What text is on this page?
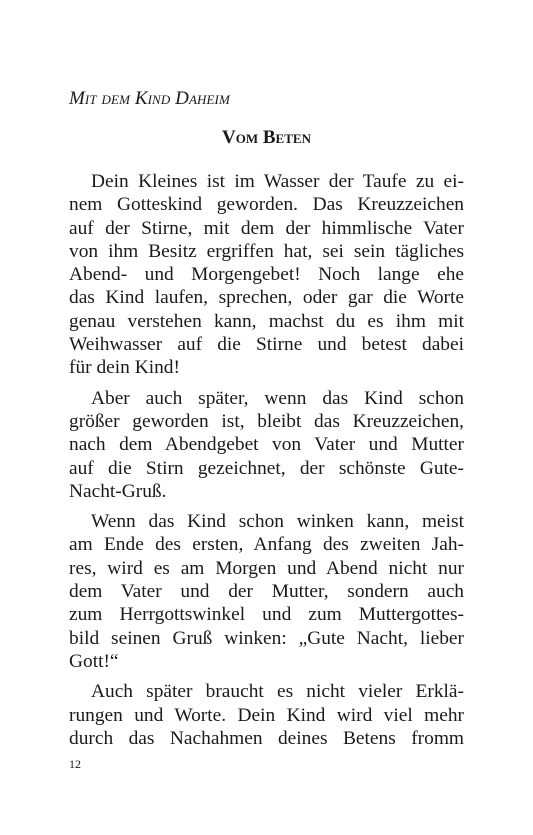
Mit dem Kind Daheim
Vom Beten

Dein Kleines ist im Wasser der Taufe zu ei-
nem Gotteskind geworden. Das Kreuzzeichen
auf der Stirne, mit dem der himmlische Vater
von ihm Besitz ergriffen hat, sei sein tägliches
Abend- und Morgengebet! Noch lange ehe
das Kind laufen, sprechen, oder gar die Worte
genau verstehen kann, machst du es ihm mit
Weihwasser auf die Stirne und betest dabei
für dein Kind!

Aber auch später, wenn das Kind schon
größer geworden ist, bleibt das Kreuzzeichen,
nach dem Abendgebet von Vater und Mutter
auf die Stirn gezeichnet, der schönste Gute-
Nacht-Gruß.

Wenn das Kind schon winken kann, meist
am Ende des ersten, Anfang des zweiten Jah-
res, wird es am Morgen und Abend nicht nur
dem Vater und der Mutter, sondern auch
zum Herrgottswinkel und zum Muttergottes-
bild seinen Gruß winken: „Gute Nacht, lieber
Gott!“

Auch später braucht es nicht vieler Erklä-
rungen und Worte. Dein Kind wird viel mehr
durch das Nachahmen deines Betens fromm

12
